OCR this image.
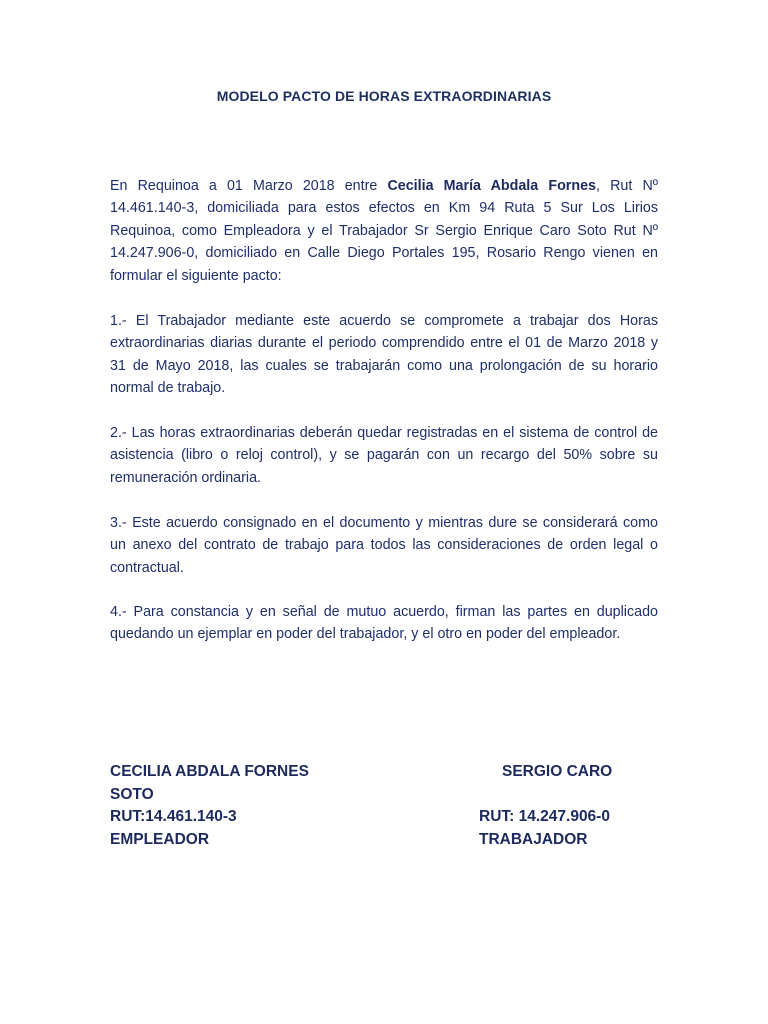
MODELO PACTO DE HORAS EXTRAORDINARIAS

En Requinoa a 01 Marzo 2018 entre Cecilia María Abdala Fornes, Rut Nº 14.461.140-3, domiciliada para estos efectos en Km 94 Ruta 5 Sur Los Lirios Requinoa, como Empleadora y el Trabajador Sr Sergio Enrique Caro Soto Rut Nº 14.247.906-0, domiciliado en Calle Diego Portales 195, Rosario Rengo vienen en formular el siguiente pacto:

1.- El Trabajador mediante este acuerdo se compromete a trabajar dos Horas extraordinarias diarias durante el periodo comprendido entre el 01 de Marzo 2018 y 31 de Mayo 2018, las cuales se trabajarán como una prolongación de su horario normal de trabajo.

2.- Las horas extraordinarias deberán quedar registradas en el sistema de control de asistencia (libro o reloj control), y se pagarán con un recargo del 50% sobre su remuneración ordinaria.

3.- Este acuerdo consignado en el documento y mientras dure se considerará como un anexo del contrato de trabajo para todos las consideraciones de orden legal o contractual.

4.- Para constancia y en señal de mutuo acuerdo, firman las partes en duplicado quedando un ejemplar en poder del trabajador, y el otro en poder del empleador.

CECILIA ABDALA FORNES	SERGIO CARO
SOTO
RUT:14.461.140-3	RUT: 14.247.906-0
EMPLEADOR	TRABAJADOR
